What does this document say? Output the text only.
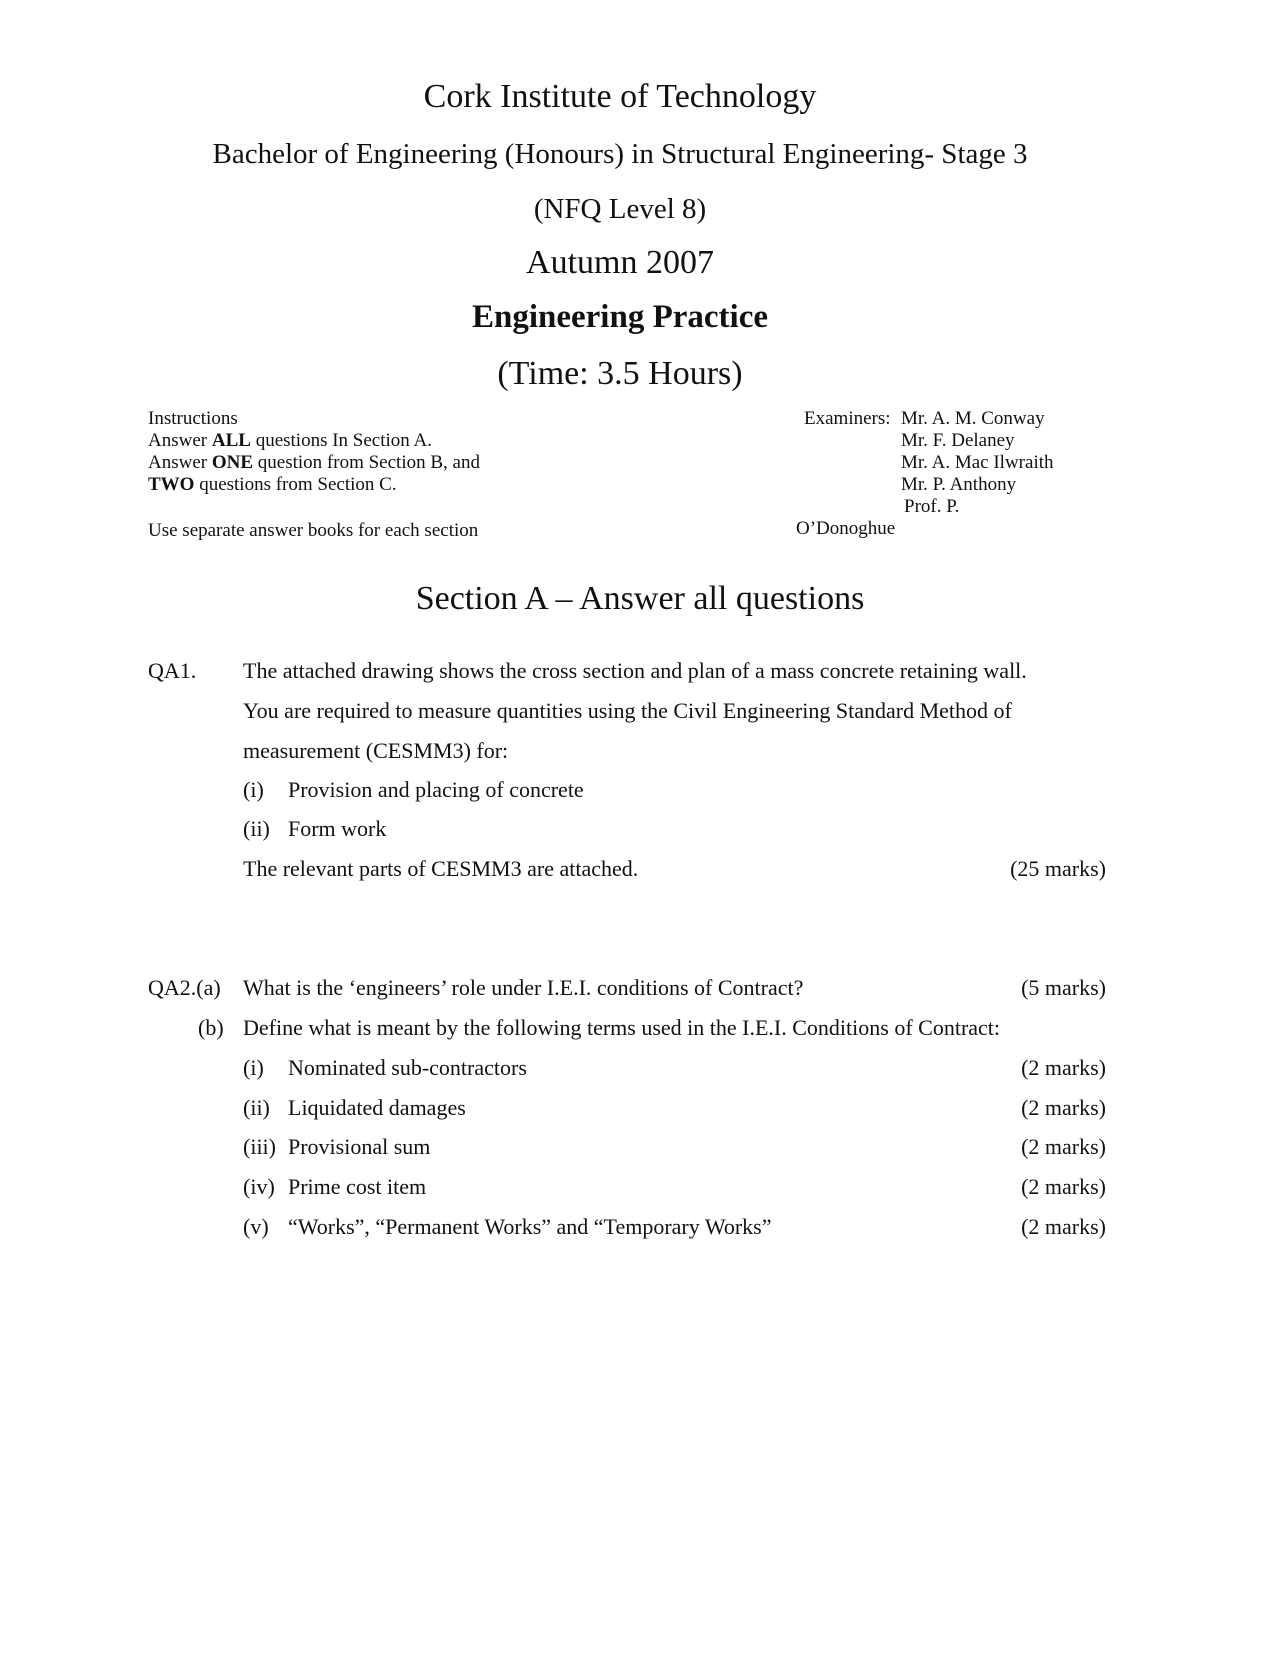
Cork Institute of Technology
Bachelor of Engineering (Honours) in Structural Engineering- Stage 3
(NFQ Level 8)
Autumn 2007
Engineering Practice
(Time: 3.5 Hours)
Instructions
Answer ALL questions In Section A.
Answer ONE question from Section B, and
TWO questions from Section C.
Use separate answer books for each section
Examiners: Mr. A. M. Conway
Mr. F. Delaney
Mr. A. Mac Ilwraith
Mr. P. Anthony
Prof. P.
O’Donoghue
Section A – Answer all questions
QA1. The attached drawing shows the cross section and plan of a mass concrete retaining wall.
You are required to measure quantities using the Civil Engineering Standard Method of
measurement (CESMM3) for:
(i) Provision and placing of concrete
(ii) Form work
The relevant parts of CESMM3 are attached.	(25 marks)
QA2.(a) What is the ‘engineers’ role under I.E.I. conditions of Contract?	(5 marks)
(b) Define what is meant by the following terms used in the I.E.I. Conditions of Contract:
(i) Nominated sub-contractors	(2 marks)
(ii) Liquidated damages	(2 marks)
(iii) Provisional sum	(2 marks)
(iv) Prime cost item	(2 marks)
(v) “Works”, “Permanent Works” and “Temporary Works”	(2 marks)
